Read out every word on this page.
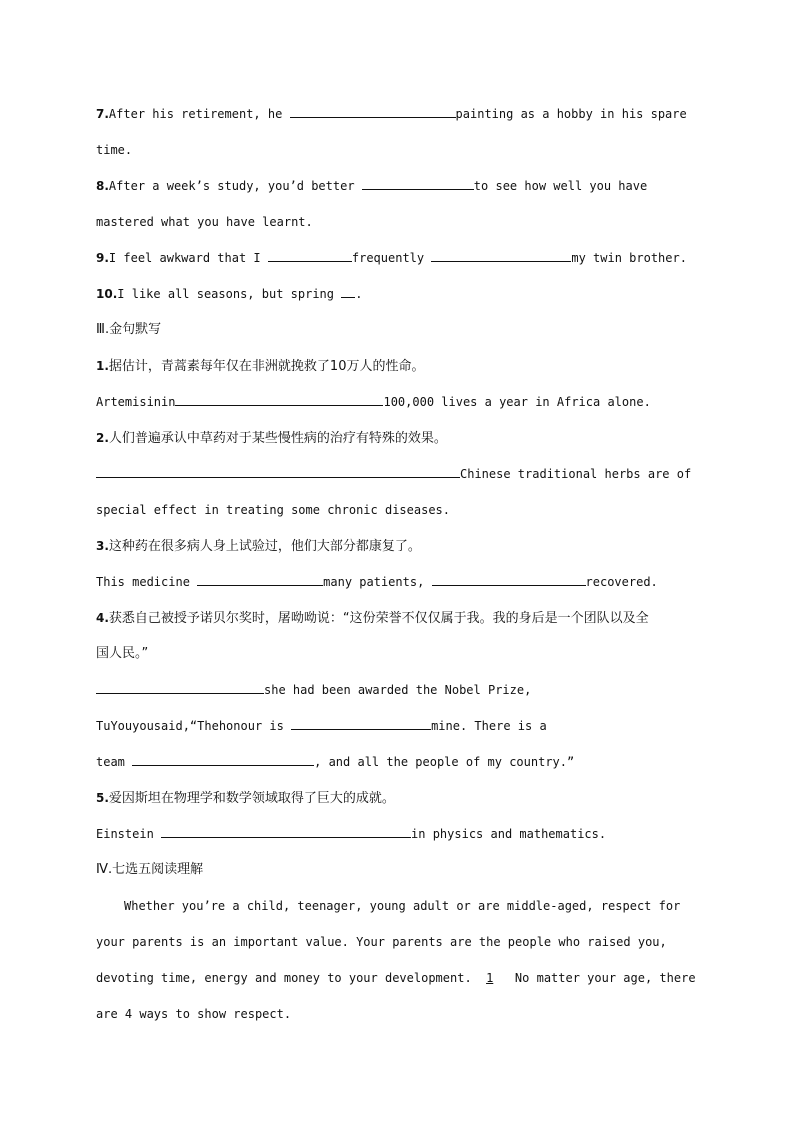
7.After his retirement, he	painting as a hobby in his spare
time.
8.After a week’s study, you’d better	to see how well you have
mastered what you have learnt.
9.I feel awkward that I	frequently	my twin brother.
10.I like all seasons, but spring .
Ⅲ.金句默写
1.据估计，青蒿素每年仅在非洲就挽救了10万人的性命。
Artemisinin	100,000 lives a year in Africa alone.
2.人们普遍承认中草药对于某些慢性病的治疗有特殊的效果。
Chinese traditional herbs are of
special effect in treating some chronic diseases.
3.这种药在很多病人身上试验过，他们大部分都康复了。
This medicine	many patients,	recovered.
4.获悉自己被授予诺贝尔奖时，屠呦呦说：“这份荣誉不仅仅属于我。我的身后是一个团队以及全
国人民。”
she had been awarded the Nobel Prize,
TuYouyousaid,“Thehonour is	mine. There is a
team	, and all the people of my country.”
5.爱因斯坦在物理学和数学领域取得了巨大的成就。
Einstein	in physics and mathematics.
Ⅳ.七选五阅读理解
Whether you’re a child, teenager, young adult or are middle-aged, respect for
your parents is an important value. Your parents are the people who raised you,
devoting time, energy and money to your development. 1 No matter your age, there
are 4 ways to show respect.
